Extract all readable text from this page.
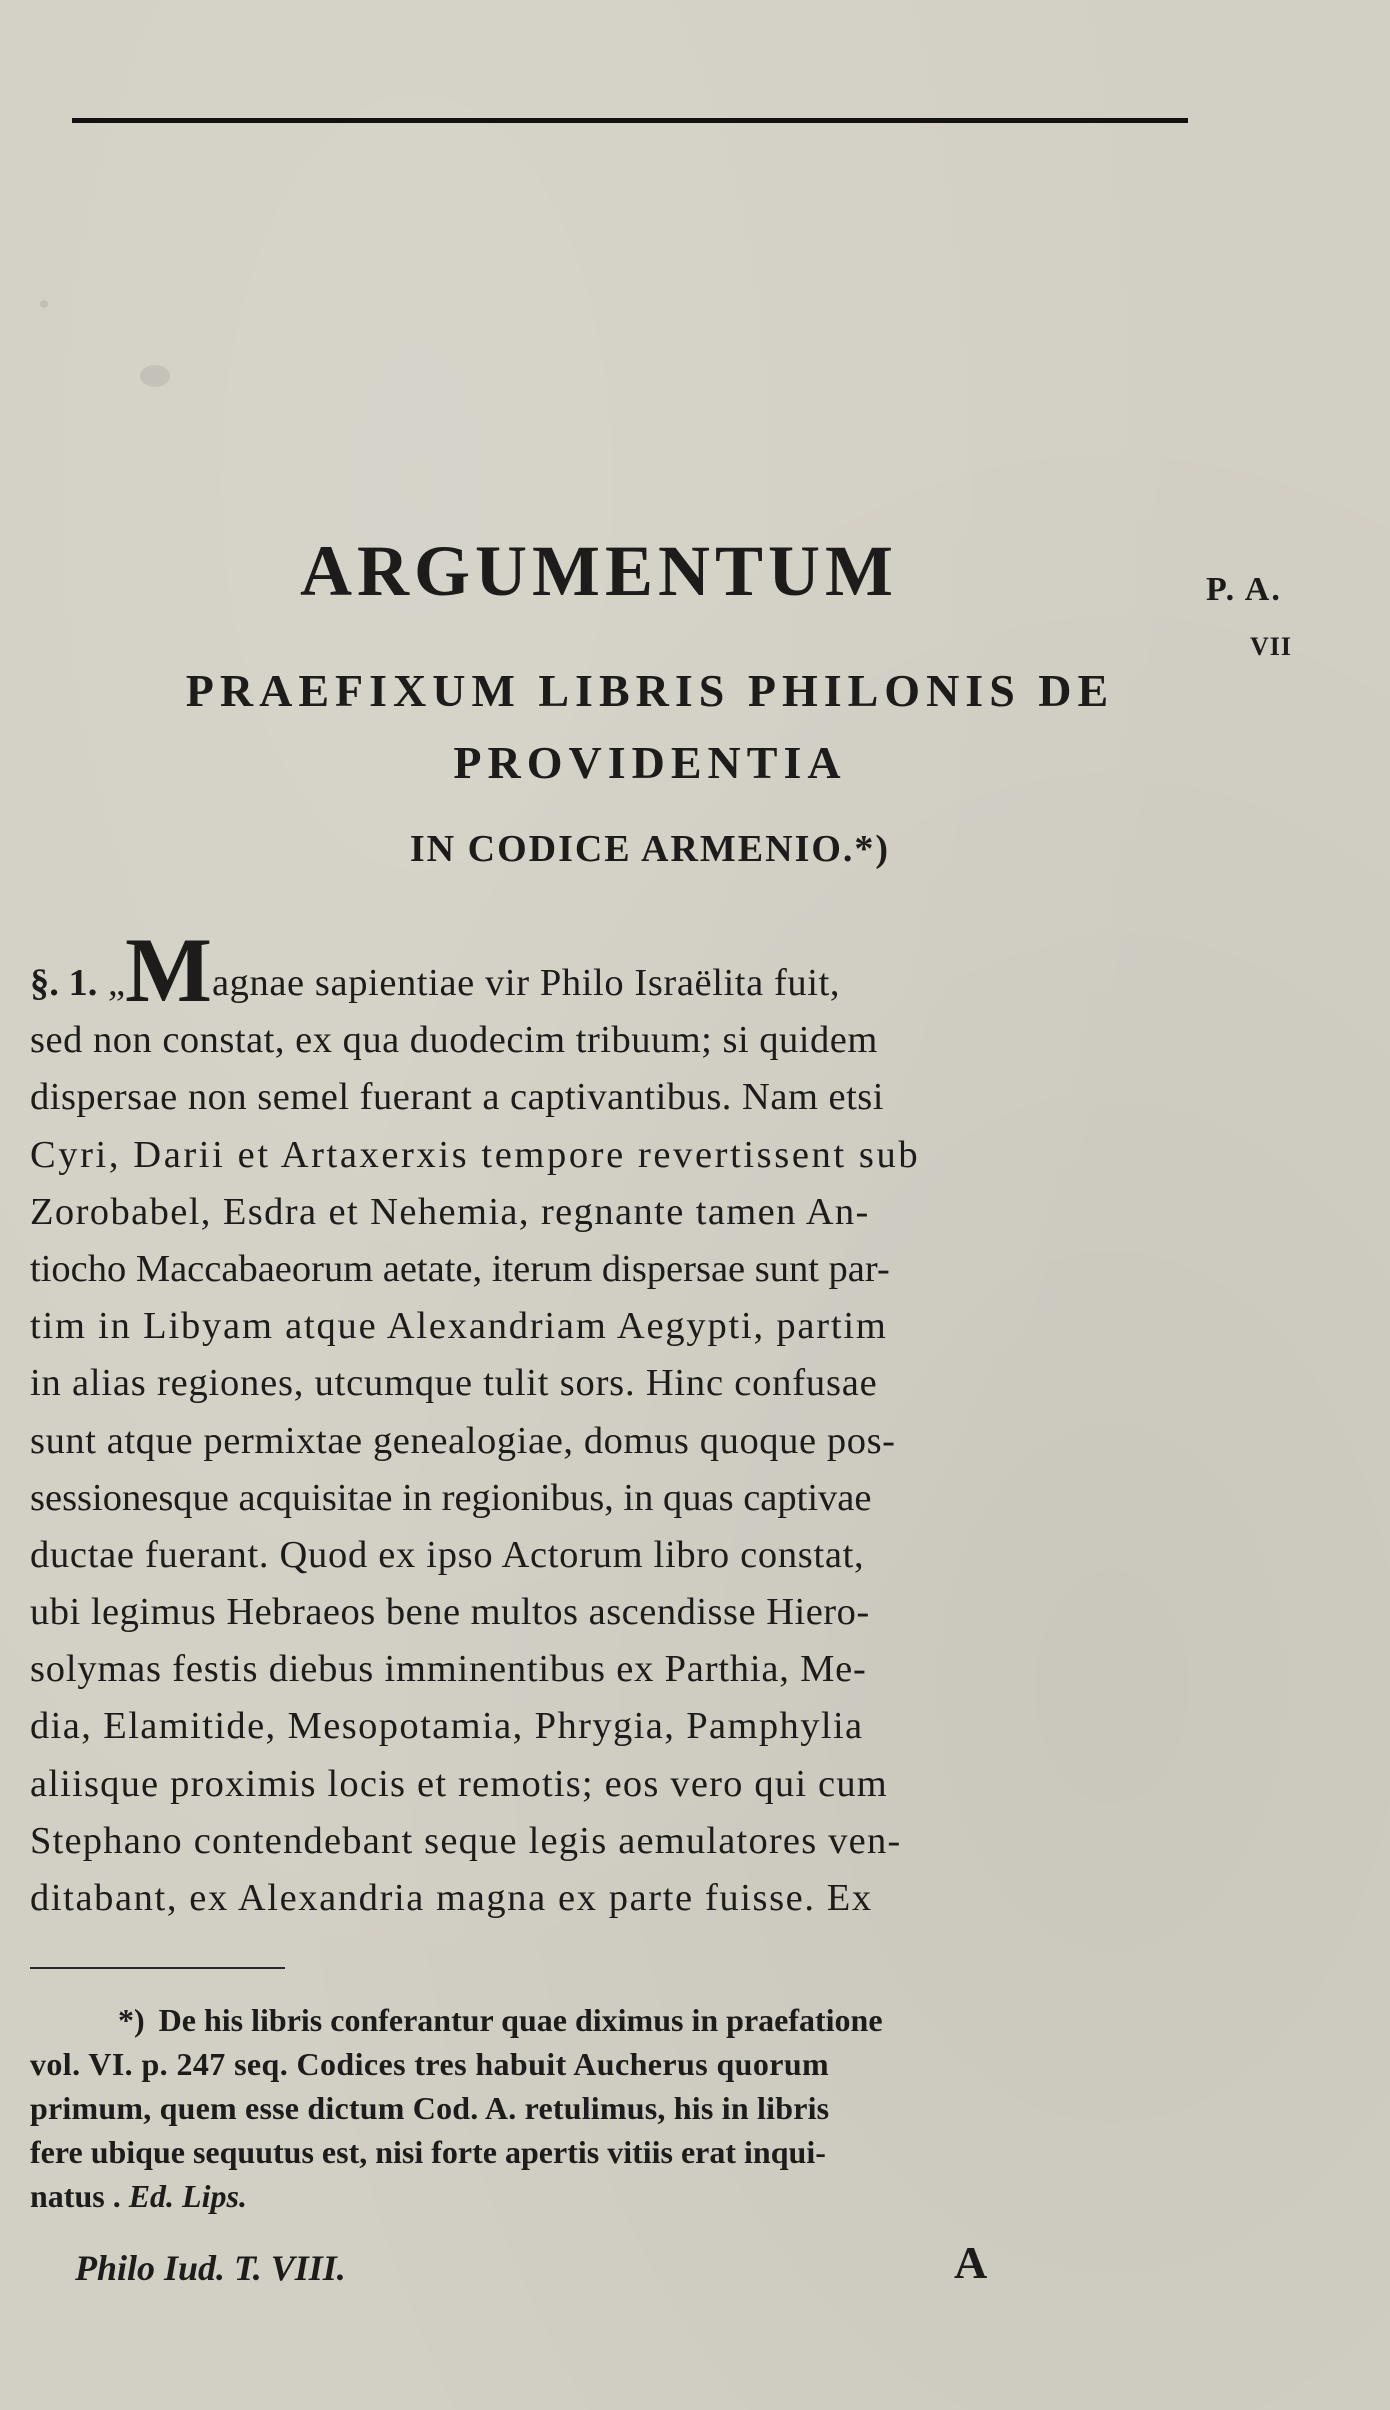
ARGUMENTUM	P. A.
VII
PRAEFIXUM LIBRIS PHILONIS DE
PROVIDENTIA
IN CODICE ARMENIO.*)
§. 1. „Magnae sapientiae vir Philo Israëlita fuit,
sed non constat, ex qua duodecim tribuum; si quidem
dispersae non semel fuerant a captivantibus. Nam etsi
Cyri, Darii et Artaxerxis tempore revertissent sub
Zorobabel, Esdra et Nehemia, regnante tamen An-
tiocho Maccabaeorum aetate, iterum dispersae sunt par-
tim in Libyam atque Alexandriam Aegypti, partim
in alias regiones, utcumque tulit sors. Hinc confusae
sunt atque permixtae genealogiae, domus quoque pos-
sessionesque acquisitae in regionibus, in quas captivae
ductae fuerant. Quod ex ipso Actorum libro constat,
ubi legimus Hebraeos bene multos ascendisse Hiero-
solymas festis diebus imminentibus ex Parthia, Me-
dia, Elamitide, Mesopotamia, Phrygia, Pamphylia
aliisque proximis locis et remotis; eos vero qui cum
Stephano contendebant seque legis aemulatores ven-
ditabant, ex Alexandria magna ex parte fuisse. Ex
*) De his libris conferantur quae diximus in praefatione
vol. VI. p. 247 seq. Codices tres habuit Aucherus quorum
primum, quem esse dictum Cod. A. retulimus, his in libris
fere ubique sequutus est, nisi forte apertis vitiis erat inqui-
natus . Ed. Lips.
Philo Iud. T. VIII.	A
